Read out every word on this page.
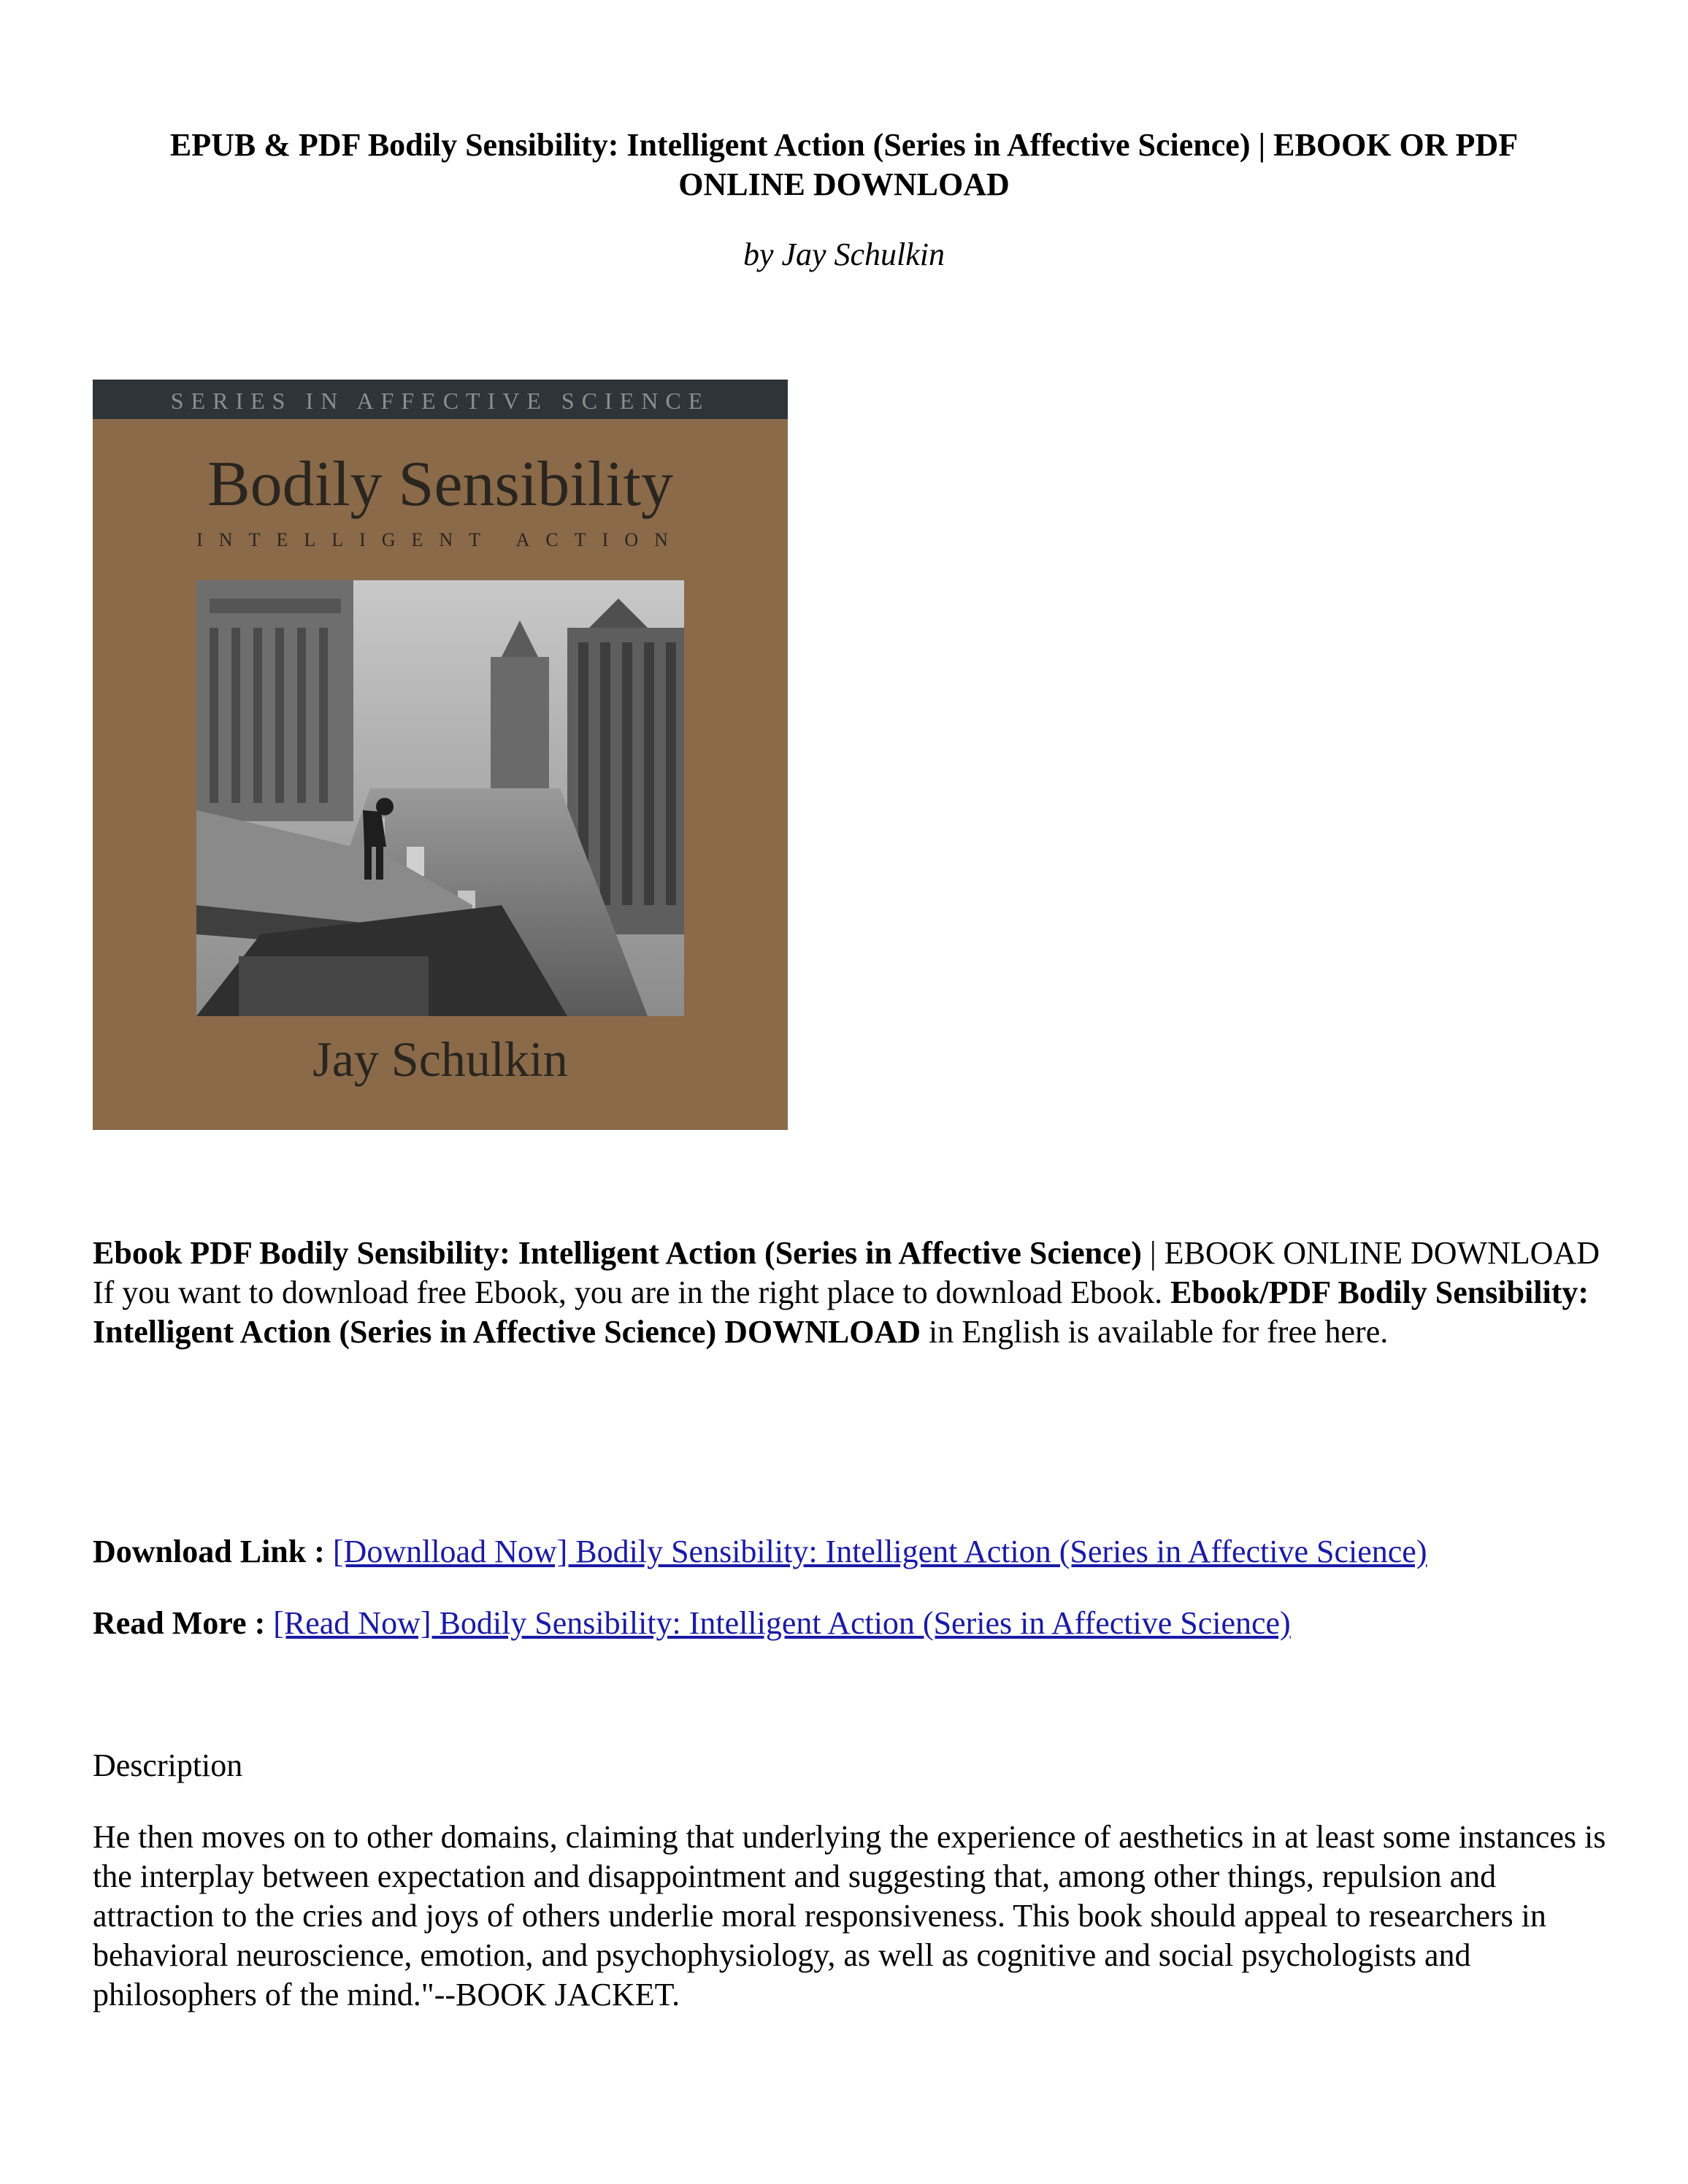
EPUB & PDF Bodily Sensibility: Intelligent Action (Series in Affective Science) | EBOOK OR PDF ONLINE DOWNLOAD
by Jay Schulkin
SERIES IN AFFECTIVE SCIENCE
Bodily Sensibility
INTELLIGENT ACTION
Jay Schulkin
Ebook PDF Bodily Sensibility: Intelligent Action (Series in Affective Science) | EBOOK ONLINE DOWNLOAD
If you want to download free Ebook, you are in the right place to download Ebook. Ebook/PDF Bodily Sensibility: Intelligent Action (Series in Affective Science) DOWNLOAD in English is available for free here.
Download Link : [Downlload Now] Bodily Sensibility: Intelligent Action (Series in Affective Science)
Read More : [Read Now] Bodily Sensibility: Intelligent Action (Series in Affective Science)
Description
He then moves on to other domains, claiming that underlying the experience of aesthetics in at least some instances is the interplay between expectation and disappointment and suggesting that, among other things, repulsion and attraction to the cries and joys of others underlie moral responsiveness. This book should appeal to researchers in behavioral neuroscience, emotion, and psychophysiology, as well as cognitive and social psychologists and philosophers of the mind."--BOOK JACKET.
